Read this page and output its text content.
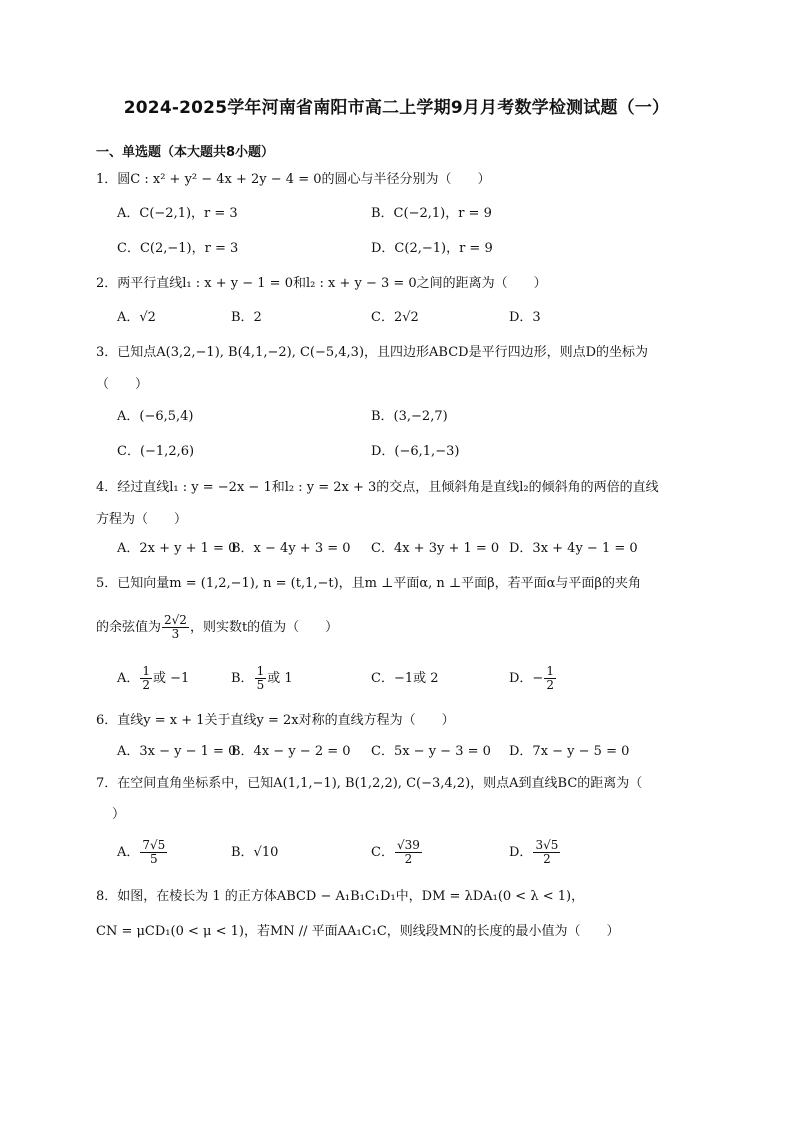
2024-2025学年河南省南阳市高二上学期9月月考数学检测试题（一）
一、单选题（本大题共8小题）
1．圆C : x² + y² − 4x + 2y − 4 = 0的圆心与半径分别为（　　）
A．C(−2,1)，r = 3	B．C(−2,1)，r = 9
C．C(2,−1)，r = 3	D．C(2,−1)，r = 9
2．两平行直线l₁ : x + y − 1 = 0和l₂ : x + y − 3 = 0之间的距离为（　　）
A．√2	B．2	C．2√2	D．3
3．已知点A(3,2,−1), B(4,1,−2), C(−5,4,3)，且四边形ABCD是平行四边形，则点D的坐标为
（　　）
A．(−6,5,4)	B．(3,−2,7)
C．(−1,2,6)	D．(−6,1,−3)
4．经过直线l₁ : y = −2x − 1和l₂ : y = 2x + 3的交点，且倾斜角是直线l₂的倾斜角的两倍的直线
方程为（　　）
A．2x + y + 1 = 0
B．x − 4y + 3 = 0 C．4x + 3y + 1 = 0 D．3x + 4y − 1 = 0
5．已知向量m = (1,2,−1), n = (t,1,−t)，且m ⊥平面α, n ⊥平面β，若平面α与平面β的夹角
的余弦值为 $\frac{2√2}{3}$ ，则实数t的值为（　　）
A． $\frac{1}{2}$ 或 −1	B． $\frac{1}{5}$ 或 1	C．−1或 2	D．− $\frac{1}{2}$
6．直线y = x + 1关于直线y = 2x对称的直线方程为（　　）
A．3x − y − 1 = 0
B．4x − y − 2 = 0 C．5x − y − 3 = 0 D．7x − y − 5 = 0
7．在空间直角坐标系中，已知A(1,1,−1), B(1,2,2), C(−3,4,2)，则点A到直线BC的距离为（
）
A． $\frac{7√5}{5}$	B．√10	C． $\frac{√39}{2}$	D． $\frac{3√5}{2}$
8．如图，在棱长为 1 的正方体ABCD − A₁B₁C₁D₁中，DM = λDA₁(0 < λ < 1)，
CN = μCD₁(0 < μ < 1)，若MN // 平面AA₁C₁C，则线段MN的长度的最小值为（　　）
